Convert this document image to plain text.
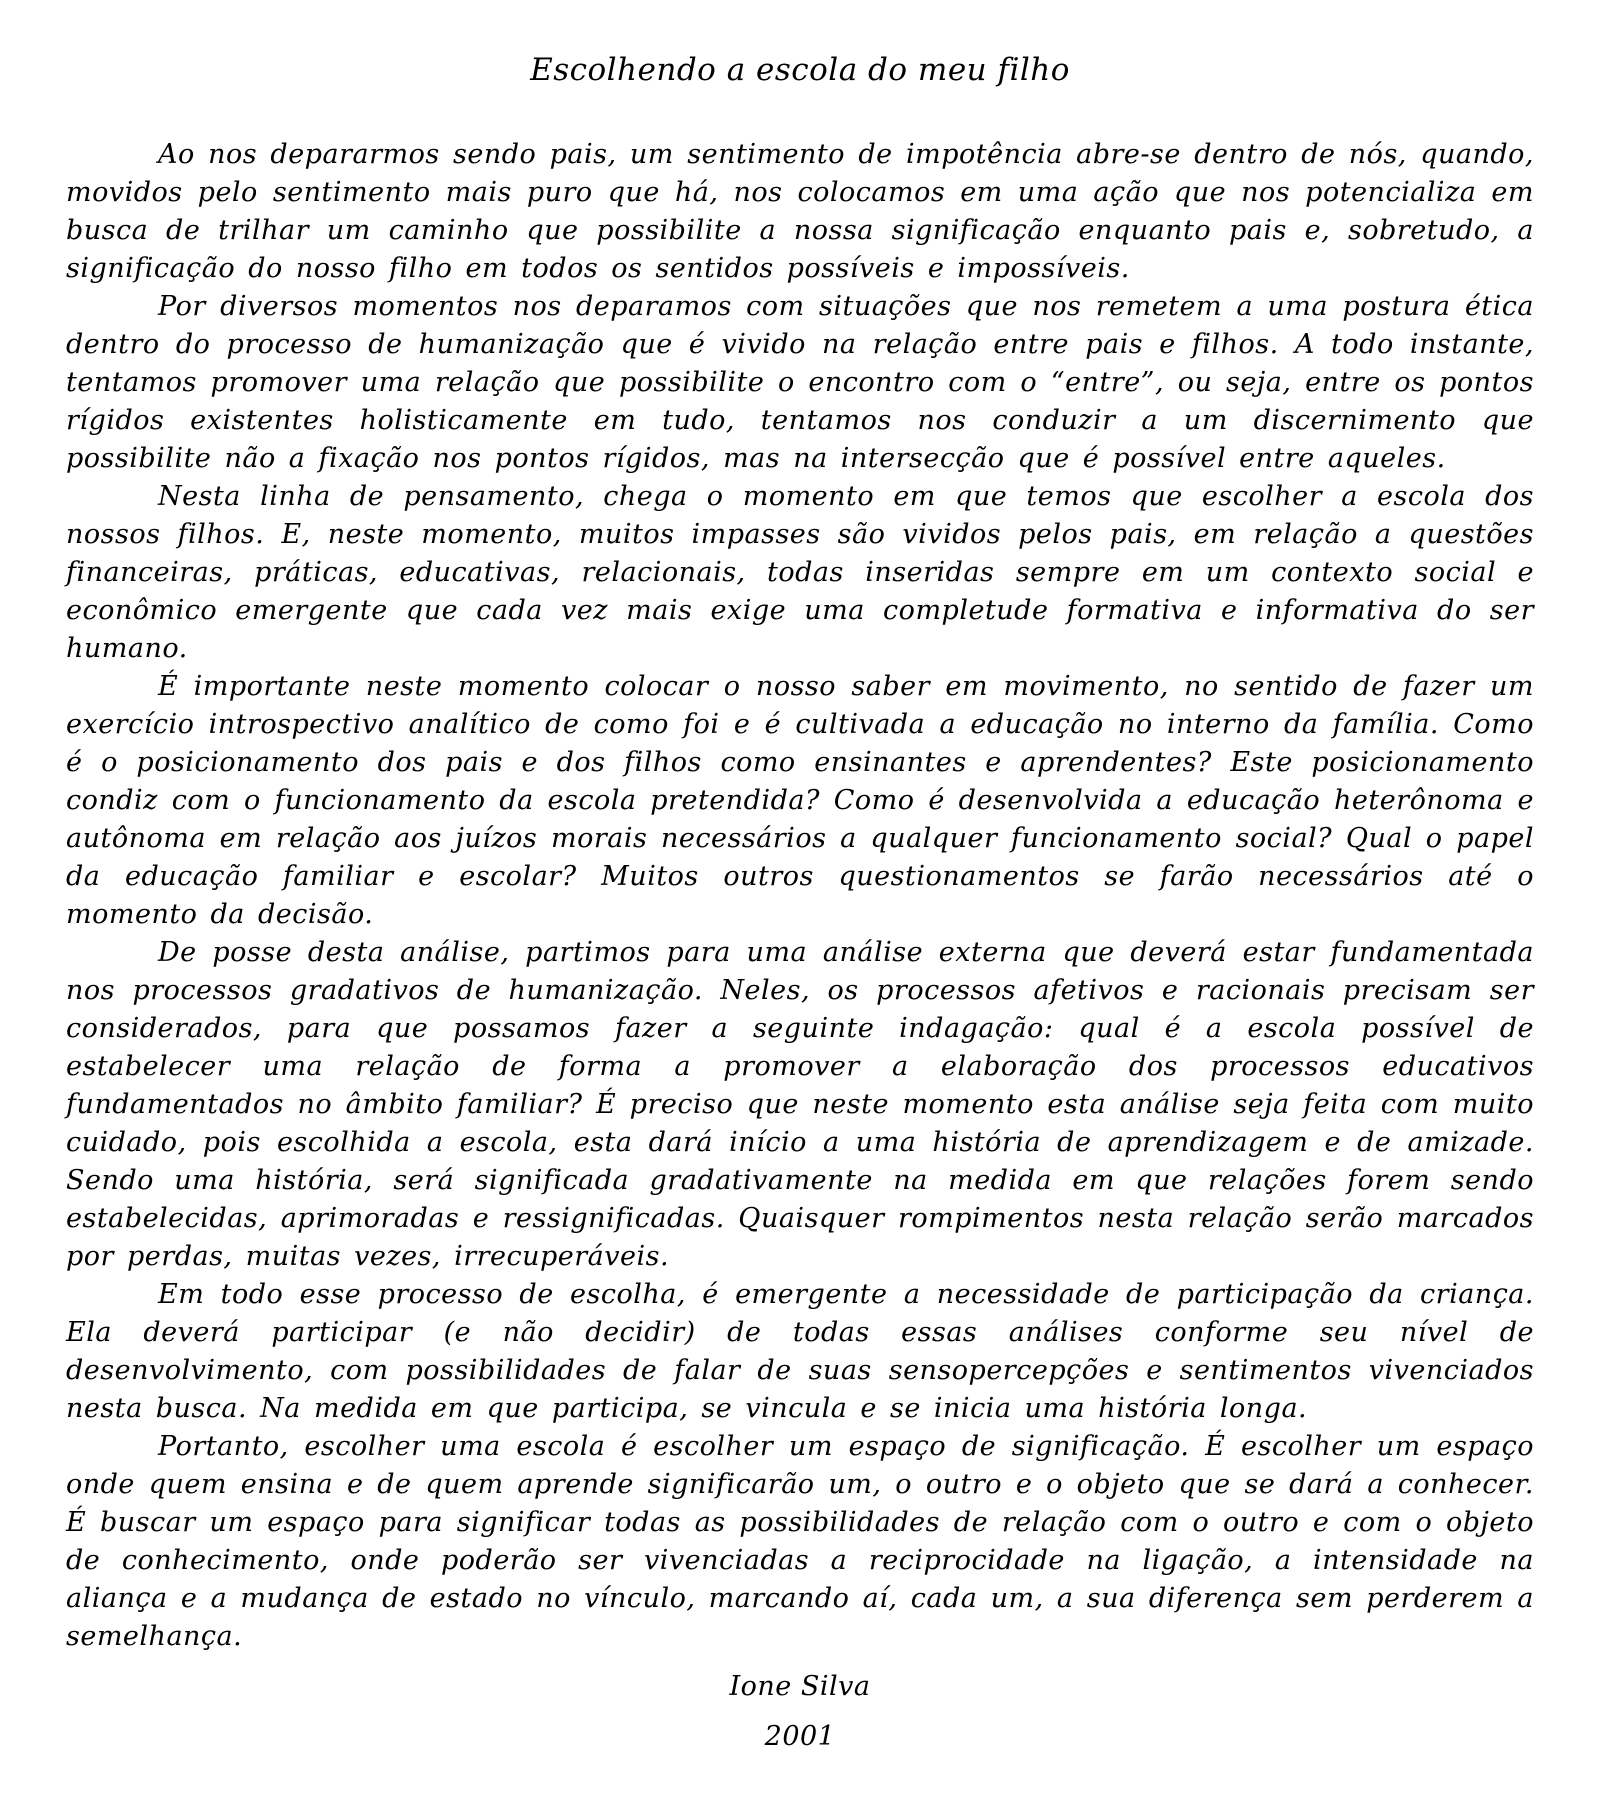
Escolhendo a escola do meu filho

Ao nos depararmos sendo pais, um sentimento de impotência abre-se dentro de nós, quando, movidos pelo sentimento mais puro que há, nos colocamos em uma ação que nos potencializa em busca de trilhar um caminho que possibilite a nossa significação enquanto pais e, sobretudo, a significação do nosso filho em todos os sentidos possíveis e impossíveis.

Por diversos momentos nos deparamos com situações que nos remetem a uma postura ética dentro do processo de humanização que é vivido na relação entre pais e filhos. A todo instante, tentamos promover uma relação que possibilite o encontro com o “entre”, ou seja, entre os pontos rígidos existentes holisticamente em tudo, tentamos nos conduzir a um discernimento que possibilite não a fixação nos pontos rígidos, mas na intersecção que é possível entre aqueles.

Nesta linha de pensamento, chega o momento em que temos que escolher a escola dos nossos filhos. E, neste momento, muitos impasses são vividos pelos pais, em relação a questões financeiras, práticas, educativas, relacionais, todas inseridas sempre em um contexto social e econômico emergente que cada vez mais exige uma completude formativa e informativa do ser humano.

É importante neste momento colocar o nosso saber em movimento, no sentido de fazer um exercício introspectivo analítico de como foi e é cultivada a educação no interno da família. Como é o posicionamento dos pais e dos filhos como ensinantes e aprendentes? Este posicionamento condiz com o funcionamento da escola pretendida? Como é desenvolvida a educação heterônoma e autônoma em relação aos juízos morais necessários a qualquer funcionamento social? Qual o papel da educação familiar e escolar? Muitos outros questionamentos se farão necessários até o momento da decisão.

De posse desta análise, partimos para uma análise externa que deverá estar fundamentada nos processos gradativos de humanização. Neles, os processos afetivos e racionais precisam ser considerados, para que possamos fazer a seguinte indagação: qual é a escola possível de estabelecer uma relação de forma a promover a elaboração dos processos educativos fundamentados no âmbito familiar? É preciso que neste momento esta análise seja feita com muito cuidado, pois escolhida a escola, esta dará início a uma história de aprendizagem e de amizade. Sendo uma história, será significada gradativamente na medida em que relações forem sendo estabelecidas, aprimoradas e ressignificadas. Quaisquer rompimentos nesta relação serão marcados por perdas, muitas vezes, irrecuperáveis.

Em todo esse processo de escolha, é emergente a necessidade de participação da criança. Ela deverá participar (e não decidir) de todas essas análises conforme seu nível de desenvolvimento, com possibilidades de falar de suas sensopercepções e sentimentos vivenciados nesta busca. Na medida em que participa, se vincula e se inicia uma história longa.

Portanto, escolher uma escola é escolher um espaço de significação. É escolher um espaço onde quem ensina e de quem aprende significarão um, o outro e o objeto que se dará a conhecer. É buscar um espaço para significar todas as possibilidades de relação com o outro e com o objeto de conhecimento, onde poderão ser vivenciadas a reciprocidade na ligação, a intensidade na aliança e a mudança de estado no vínculo, marcando aí, cada um, a sua diferença sem perderem a semelhança.

Ione Silva
2001
